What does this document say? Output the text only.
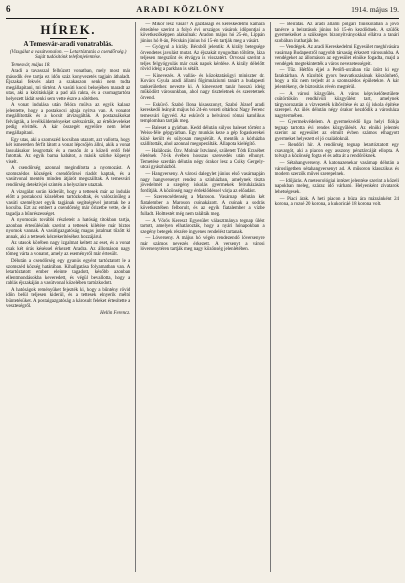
6	ARADI KÖZLÖNY	1914. május 19.
HÍREK.
A Temesvár-aradi vonatrablás.
(Vizsgálat a vasútvonalon. — Letartóztatás a csendőrség.) Saját tudósítónk telefonjelentése.
Temesvár, május 18.

Aradi a tavasszal felhúzott vonatban, mely most már második éve tartja ez időn száz konyvezetés tagjain áthaladt. Éjszakai fekvés alatt a szakaszon senki nem tudta megállapítani, mi történt. A vasúti kocsi belsejében maradt az utas, aki a kézitáskáját a pad alá rakta, és a csomagtartóra helyezett ládát senki sem vette észre a sötétben.

A vonat indulása után félóra múlva az egyik kalauz jelentette, hogy a postakocsi ajtaja nyitva van. A vonatot megállították és a kocsit átvizsgálták. A postazsákokat felvágták, a levélküldeményeket szétszórták, az értékleveleket pedig elvitték. A kár összegét egyelőre nem lehet megállapítani.

Egy utas, aki a szomszéd kocsiban utazott, azt vallotta, hogy két ismeretlen férfit látott a vonat lépcsőjén állni, akik a vonat lassulásakor leugrottak és a mezőn át a közeli erdő felé futottak. Az egyik barna kabátot, a másik szürke köpenyt viselt.

A csendőrség azonnal megindította a nyomozást. A szomszédos községek csendőrőrsei riadót kaptak, és a vasútvonal mentén minden átjárót megszálltak. A temesvári rendőrség detektívjei szintén a helyszínre utaztak.

A vizsgálat során kiderült, hogy a tettesek már az indulás előtt a postakocsi közelében tartózkodtak, és valószínűleg a vasúti személyzet egyik tagjának segítségével jutottak be a kocsiba. Ezt az embert a csendőrség már őrizetbe vette, de ő tagadja a bűnrészességet.

A nyomozás további részleteit a hatóság titokban tartja, azonban értesülésünk szerint a tettesek kilétére már biztos nyomok vannak. A vasútigazgatóság magas jutalmat tűzött ki annak, aki a tettesek kézrekerítéséhez hozzájárul.

Az utasok körében nagy izgalmat keltett az eset, és a vonat csak két órás késéssel érkezett Aradra. Az állomáson nagy tömeg várta a vonatot, amely az eseményről már értesült.

Délután a csendőrség egy gyanús egyént tartóztatott le a szomszéd község határában. Kihallgatása folyamatban van. A letartóztatott ember eleinte tagadott, később azonban ellentmondásokba keveredett, és végül bevallotta, hogy a rablás éjszakáján a vasútvonal közelében tartózkodott.

A hatóságok reményüket fejezték ki, hogy a bűntény rövid időn belül teljesen kiderül, és a tettesek elnyerik méltó büntetésüket. A postaigazgatóság a károsult feleket értesítette a veszteségről.

Hellin Ferencz.

— Mikor lesz vásár? A gazdasági és kereskedelmi kamara értesítése szerint a folyó évi országos vásárok időpontjai a következőképpen alakulnak: Aradon május hó 25-én, Lippán június hó 8-án, Pécskán június hó 15-én tartják meg a vásárt.

— Gyógyul a király. Bécsből jelentik: A király betegsége örvendetes javulást mutat. Az éjszakát nyugodtan töltötte, láza teljesen megszűnt és étvágya is visszatért. Orvosai szerint a teljes felgyógyulás már csak napok kérdése. A király délelőtt rövid ideig a parkban is sétált.

— Kinevezés. A vallás- és közoktatásügyi miniszter dr. Kovács Gyula aradi állami főgimnáziumi tanárt a budapesti tankerülethez nevezte ki. A kinevezett tanár hosszú ideig működött városunkban, ahol nagy tiszteletnek és szeretetnek örvend.

— Esküvő. Szabó Ilona kisasszonyt, Szabó József aradi kereskedő leányát május hó 24-én vezeti oltárhoz Nagy Ferenc temesvári ügyvéd. Az esküvőt a belvárosi római katolikus templomban tartják meg.

— Baleset a gyárban. Kedd délután súlyos baleset történt a Weiss-féle gépgyárban. Egy munkás keze a gép fogaskerekei közé került és súlyosan megsérült. A mentők a kórházba szállították, ahol azonnal megoperálták. Állapota kielégítő.

— Halálozás. Özv. Molnár Istvánné, született Tóth Erzsébet életének 74-ik évében hosszas szenvedés után elhunyt. Temetése szerdán délután négy órakor lesz a Csiky Gergely-utcai gyászházból.

— Hangverseny. A városi dalegylet június első vasárnapján nagy hangversenyt rendez a színházban, amelynek tiszta jövedelmét a szegény iskolás gyermekek felruházására fordítják. A közönség nagy érdeklődéssel várja az előadást.

— Szerencsétlenség a Maroson. Vasárnap délután két fiatalember a Maroson csónakázott. A csónak a sodrás következtében felborult, és az egyik fiatalember a vízbe fulladt. Holttestét még nem találták meg.

— A Vörös Kereszt Egyesület választmánya tegnap ülést tartott, amelyen elhatározták, hogy a nyári hónapokban a szegény betegek részére ingyenes rendelést tartanak.

— Lóverseny. A május hó végén rendezendő lóversenyre már számos nevezés érkezett. A versenyt a városi lóversenytéren tartják meg nagy közönség jelenlétében.

— Beiratás. Az aradi állami polgári fiúiskolában a jövő tanévre a beiratások június hó 15-én kezdődnek. A szülők gyermekeiket a szükséges bizonyítványokkal ellátva a tanári szobában írathatják be.

— Vendégek. Az aradi Kereskedelmi Egyesület meghívására vasárnap Budapestről nagyobb társaság érkezett városunkba. A vendégeket az állomáson az egyesület elnöke fogadta, majd a vendégek megtekintették a város nevezetességeit.

— Tűz. Hétfőn éjjel a Petőfi-utcában tűz ütött ki egy faraktárban. A tűzoltók gyors beavatkozásának köszönhető, hogy a tűz nem terjedt át a szomszédos épületekre. A kár jelentékeny, de biztosítás révén megtérül.

— A városi közgyűlés. A város képviselőtestülete csütörtökön rendkívüli közgyűlést tart, amelynek tárgysorozatán a vízvezeték kibővítése és az új iskola építése szerepel. Az ülés délután négy órakor kezdődik a városháza nagytermében.

— Gyermekvédelem. A gyermekvédő liga helyi fiókja tegnap tartotta évi rendes közgyűlését. Az elnöki jelentés szerint az egyesület az elmúlt évben számos elhagyott gyermeket helyezett el jó családoknál.

— Rendőri hír. A rendőrség tegnap letartóztatott egy csavargót, aki a piacon egy asszony pénztárcáját ellopta. A tolvajt a közönség fogta el és adta át a rendőröknek.

— Sétahangverseny. A katonazenekar vasárnap délután a városligetben sétahangversenyt ad. A műsoron klasszikus és modern szerzők művei szerepelnek.

— Időjárás. A meteorológiai intézet jelentése szerint a közeli napokban meleg, száraz idő várható. Helyenként zivatarok lehetségesek.

— Piaci árak. A heti piacon a búza ára mázsánként 24 korona, a rozsé 20 korona, a kukoricáé 18 korona volt.
